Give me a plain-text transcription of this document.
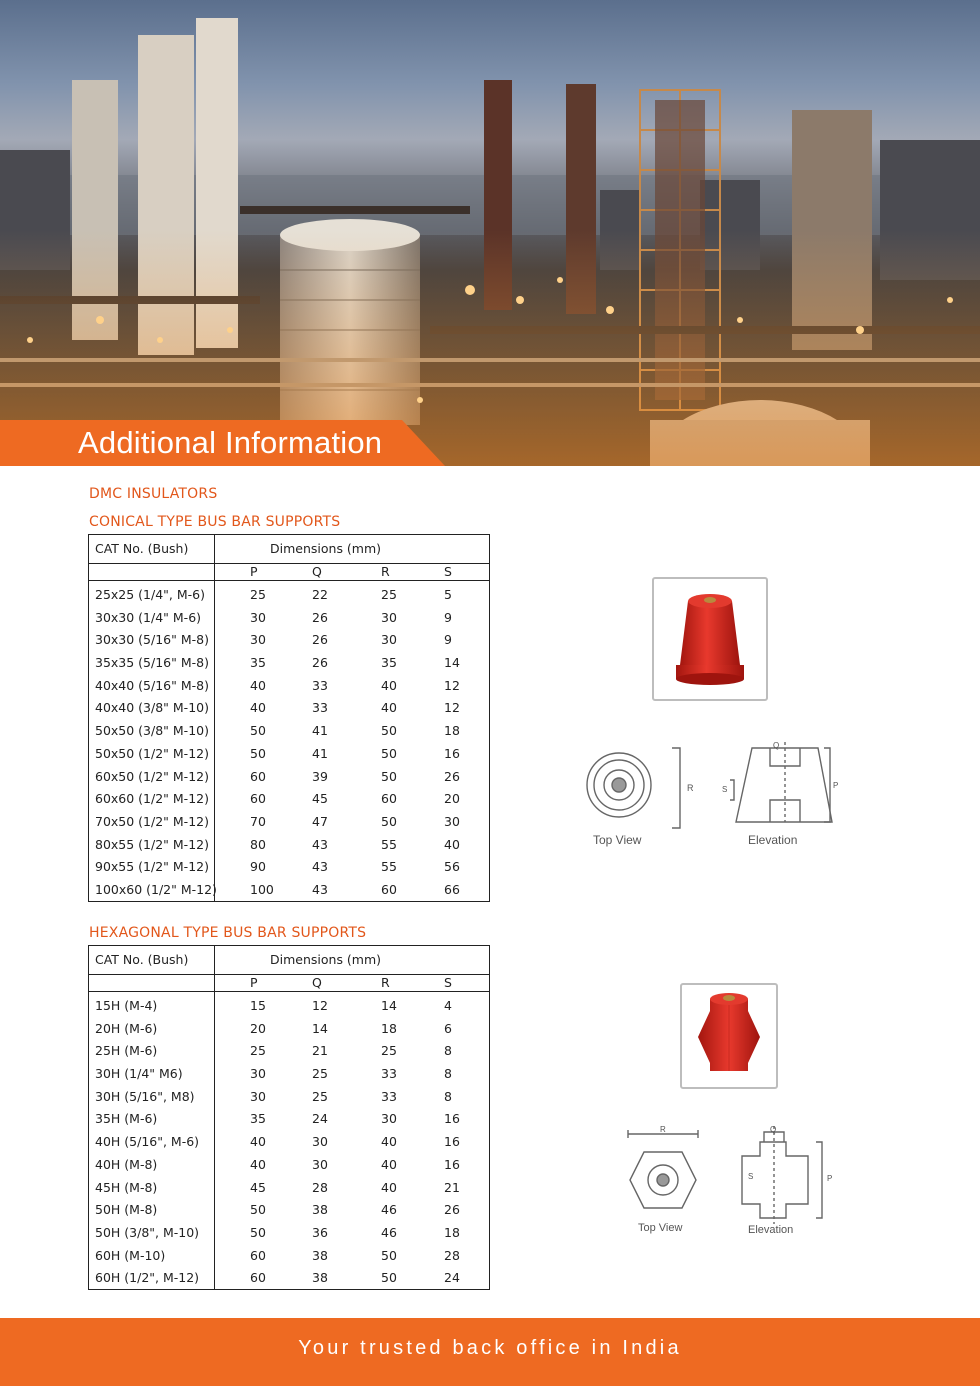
Additional Information
DMC INSULATORS
CONICAL TYPE BUS BAR SUPPORTS
CAT No. (Bush)	Dimensions (mm)
P	Q	R	S
25x25 (1/4", M-6)	25	22	25	5
30x30 (1/4" M-6)	30	26	30	9
30x30 (5/16" M-8)	30	26	30	9
35x35 (5/16" M-8)	35	26	35	14
40x40 (5/16" M-8)	40	33	40	12
40x40 (3/8" M-10)	40	33	40	12
50x50 (3/8" M-10)	50	41	50	18
50x50 (1/2" M-12)	50	41	50	16
60x50 (1/2" M-12)	60	39	50	26
60x60 (1/2" M-12)	60	45	60	20
70x50 (1/2" M-12)	70	47	50	30
80x55 (1/2" M-12)	80	43	55	40
90x55 (1/2" M-12)	90	43	55	56
100x60 (1/2" M-12)	100	43	60	66
HEXAGONAL TYPE BUS BAR SUPPORTS
CAT No. (Bush)	Dimensions (mm)
P	Q	R	S
15H (M-4)	15	12	14	4
20H (M-6)	20	14	18	6
25H (M-6)	25	21	25	8
30H (1/4" M6)	30	25	33	8
30H (5/16", M8)	30	25	33	8
35H (M-6)	35	24	30	16
40H (5/16", M-6)	40	30	40	16
40H (M-8)	40	30	40	16
45H (M-8)	45	28	40	21
50H (M-8)	50	38	46	26
50H (3/8", M-10)	50	36	46	18
60H (M-10)	60	38	50	28
60H (1/2", M-12)	60	38	50	24
R	S
Q
P
Top View	Elevation
R
S
Q
P
Top View	Elevation
Your trusted back office in India
